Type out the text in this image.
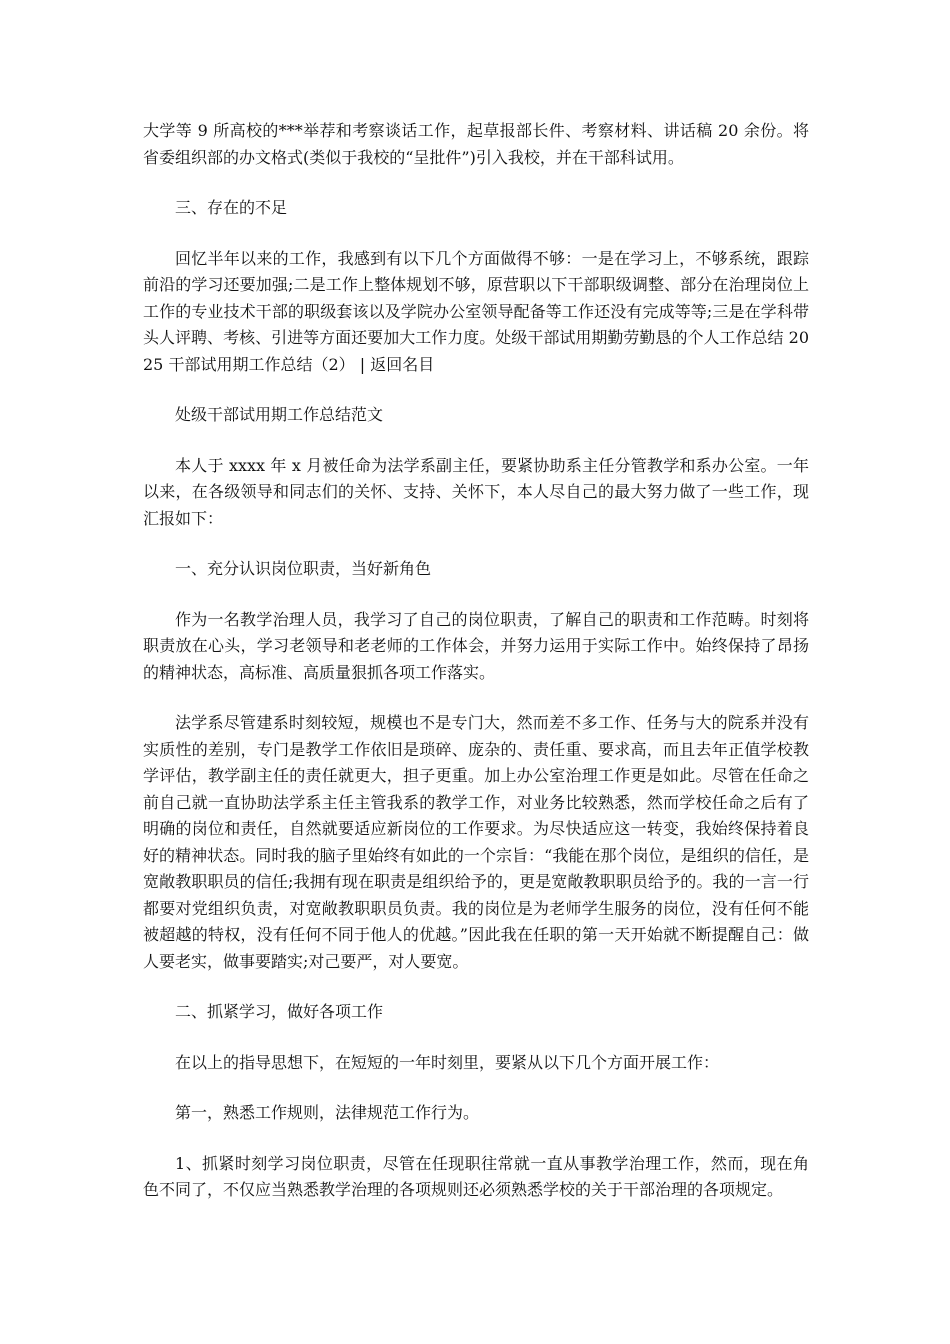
大学等 9 所高校的***举荐和考察谈话工作，起草报部长件、考察材料、讲话稿 20 余份。将省委组织部的办文格式(类似于我校的“呈批件”)引入我校，并在干部科试用。

三、存在的不足

回忆半年以来的工作，我感到有以下几个方面做得不够：一是在学习上，不够系统，跟踪前沿的学习还要加强;二是工作上整体规划不够，原营职以下干部职级调整、部分在治理岗位上工作的专业技术干部的职级套该以及学院办公室领导配备等工作还没有完成等等;三是在学科带头人评聘、考核、引进等方面还要加大工作力度。处级干部试用期勤劳勤恳的个人工作总结 2025 干部试用期工作总结（2） | 返回名目

处级干部试用期工作总结范文

本人于 xxxx 年 x 月被任命为法学系副主任，要紧协助系主任分管教学和系办公室。一年以来，在各级领导和同志们的关怀、支持、关怀下，本人尽自己的最大努力做了一些工作，现汇报如下：

一、充分认识岗位职责，当好新角色

作为一名教学治理人员，我学习了自己的岗位职责，了解自己的职责和工作范畴。时刻将职责放在心头，学习老领导和老老师的工作体会，并努力运用于实际工作中。始终保持了昂扬的精神状态，高标准、高质量狠抓各项工作落实。

法学系尽管建系时刻较短，规模也不是专门大，然而差不多工作、任务与大的院系并没有实质性的差别，专门是教学工作依旧是琐碎、庞杂的、责任重、要求高，而且去年正值学校教学评估，教学副主任的责任就更大，担子更重。加上办公室治理工作更是如此。尽管在任命之前自己就一直协助法学系主任主管我系的教学工作，对业务比较熟悉，然而学校任命之后有了明确的岗位和责任，自然就要适应新岗位的工作要求。为尽快适应这一转变，我始终保持着良好的精神状态。同时我的脑子里始终有如此的一个宗旨：“我能在那个岗位，是组织的信任，是宽敞教职职员的信任;我拥有现在职责是组织给予的，更是宽敞教职职员给予的。我的一言一行都要对党组织负责，对宽敞教职职员负责。我的岗位是为老师学生服务的岗位，没有任何不能被超越的特权，没有任何不同于他人的优越。”因此我在任职的第一天开始就不断提醒自己：做人要老实，做事要踏实;对己要严，对人要宽。

二、抓紧学习，做好各项工作

在以上的指导思想下，在短短的一年时刻里，要紧从以下几个方面开展工作：

第一，熟悉工作规则，法律规范工作行为。

1、抓紧时刻学习岗位职责，尽管在任现职往常就一直从事教学治理工作，然而，现在角色不同了，不仅应当熟悉教学治理的各项规则还必须熟悉学校的关于干部治理的各项规定。
